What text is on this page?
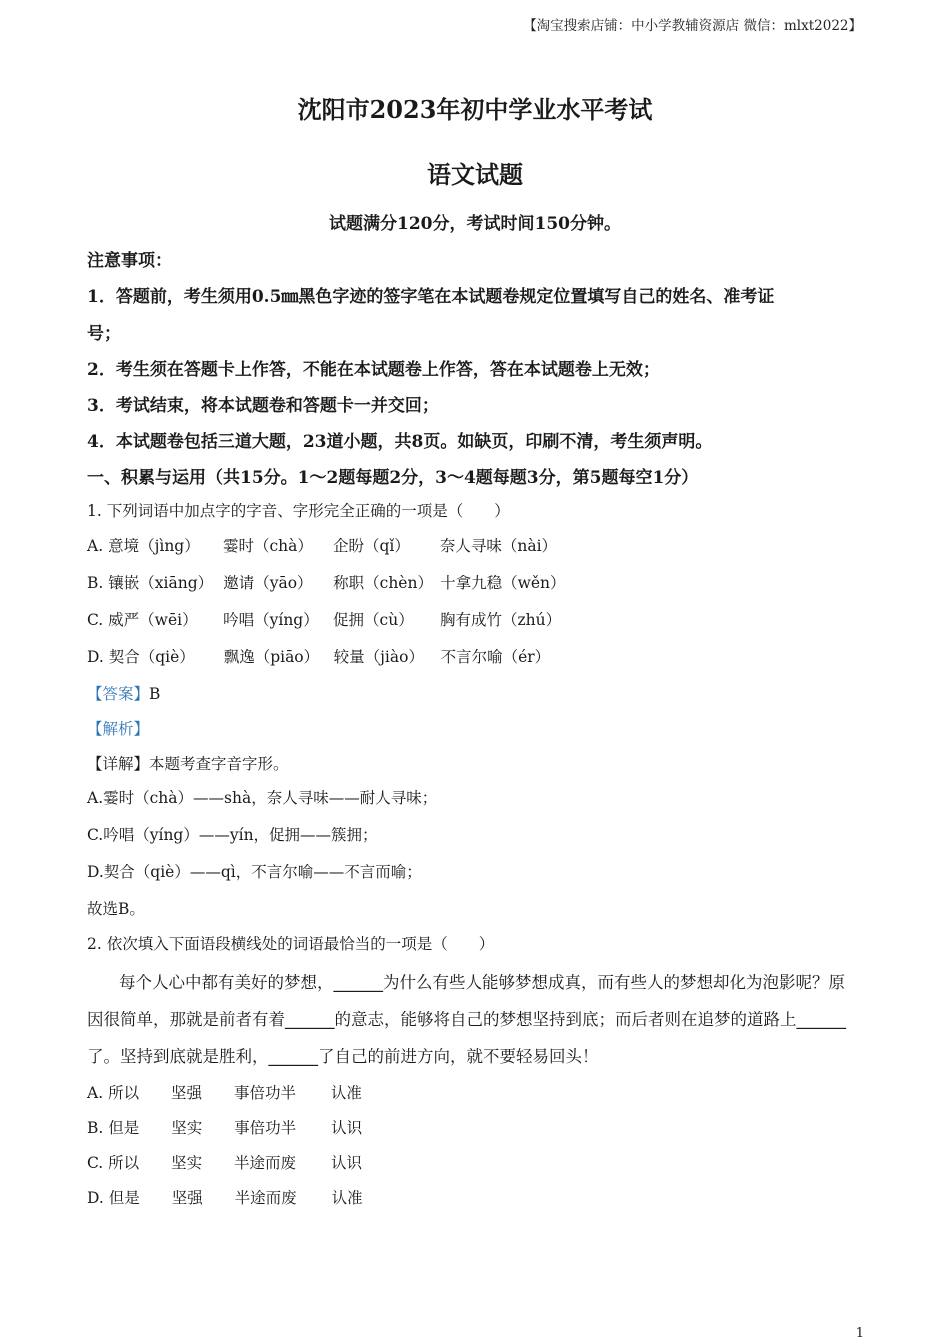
【淘宝搜索店铺：中小学教辅资源店 微信：mlxt2022】
沈阳市2023年初中学业水平考试
语文试题
试题满分120分，考试时间150分钟。
注意事项：
1．答题前，考生须用0.5㎜黑色字迹的签字笔在本试题卷规定位置填写自己的姓名、准考证
号；
2．考生须在答题卡上作答，不能在本试题卷上作答，答在本试题卷上无效；
3．考试结束，将本试题卷和答题卡一并交回；
4．本试题卷包括三道大题，23道小题，共8页。如缺页，印刷不清，考生须声明。
一、积累与运用（共15分。1～2题每题2分，3～4题每题3分，第5题每空1分）
1. 下列词语中加点字的字音、字形完全正确的一项是（　　）
A. 意境（jìng） 霎时（chà） 企盼（qǐ） 奈人寻味（nài）
B. 镶嵌（xiāng） 邀请（yāo） 称职（chèn） 十拿九稳（wěn）
C. 威严（wēi） 吟唱（yíng） 促拥（cù） 胸有成竹（zhú）
D. 契合（qiè） 飘逸（piāo） 较量（jiào） 不言尔喻（ér）
【答案】B
【解析】
【详解】本题考查字音字形。
A.霎时（chà）——shà，奈人寻味——耐人寻味；
C.吟唱（yíng）——yín，促拥——簇拥；
D.契合（qiè）——qì，不言尔喻——不言而喻；
故选B。
2. 依次填入下面语段横线处的词语最恰当的一项是（　　）
每个人心中都有美好的梦想，______为什么有些人能够梦想成真，而有些人的梦想却化为泡影呢？原
因很简单，那就是前者有着______的意志，能够将自己的梦想坚持到底；而后者则在追梦的道路上______
了。坚持到底就是胜利，______了自己的前进方向，就不要轻易回头！
A. 所以 坚强 事倍功半 认准
B. 但是 坚实 事倍功半 认识
C. 所以 坚实 半途而废 认识
D. 但是 坚强 半途而废 认准
1
